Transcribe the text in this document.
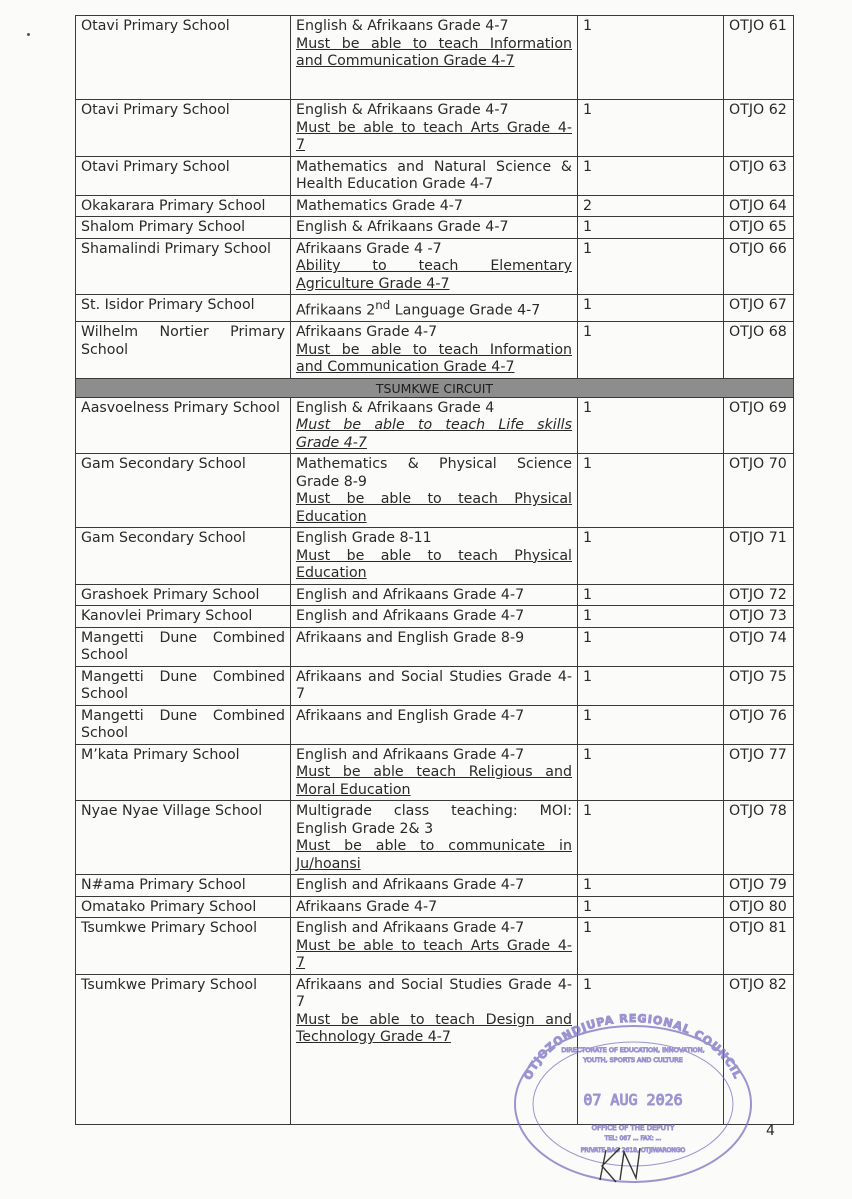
Otavi Primary School	English & Afrikaans Grade 4-7
Must be able to teach Information
and Communication Grade 4-7	1	OTJO 61
Otavi Primary School	English & Afrikaans Grade 4-7
Must be able to teach Arts Grade 4-
7	1	OTJO 62
Otavi Primary School	Mathematics and Natural Science &
Health Education Grade 4-7	1	OTJO 63
Okakarara Primary School	Mathematics Grade 4-7	2	OTJO 64
Shalom Primary School	English & Afrikaans Grade 4-7	1	OTJO 65
Shamalindi Primary School	Afrikaans Grade 4 -7
Ability to teach Elementary
Agriculture Grade 4-7	1	OTJO 66
St. Isidor Primary School	Afrikaans 2nd Language Grade 4-7	1	OTJO 67
Wilhelm Nortier Primary School	Afrikaans Grade 4-7
Must be able to teach Information
and Communication Grade 4-7	1	OTJO 68
TSUMKWE CIRCUIT			
Aasvoelness Primary School	English & Afrikaans Grade 4
Must be able to teach Life skills
Grade 4-7	1	OTJO 69
Gam Secondary School	Mathematics & Physical Science
Grade 8-9
Must be able to teach Physical
Education	1	OTJO 70
Gam Secondary School	English Grade 8-11
Must be able to teach Physical
Education	1	OTJO 71
Grashoek Primary School	English and Afrikaans Grade 4-7	1	OTJO 72
Kanovlei Primary School	English and Afrikaans Grade 4-7	1	OTJO 73
Mangetti Dune Combined School	Afrikaans and English Grade 8-9	1	OTJO 74
Mangetti Dune Combined School	Afrikaans and Social Studies Grade 4-
7	1	OTJO 75
Mangetti Dune Combined School	Afrikaans and English Grade 4-7	1	OTJO 76
M’kata Primary School	English and Afrikaans Grade 4-7
Must be able teach Religious and
Moral Education	1	OTJO 77
Nyae Nyae Village School	Multigrade class teaching: MOI:
English Grade 2& 3
Must be able to communicate in
Ju/hoansi	1	OTJO 78
N#ama Primary School	English and Afrikaans Grade 4-7	1	OTJO 79
Omatako Primary School	Afrikaans Grade 4-7	1	OTJO 80
Tsumkwe Primary School	English and Afrikaans Grade 4-7
Must be able to teach Arts Grade 4-
7	1	OTJO 81
Tsumkwe Primary School	Afrikaans and Social Studies Grade 4-
7
Must be able to teach Design and
Technology Grade 4-7	1	OTJO 82
OTJOZONDJUPA REGIONAL COUNCIL
DIRECTORATE OF EDUCATION, INNOVATION,
YOUTH, SPORTS AND CULTURE
07 AUG 2026
OFFICE OF THE DEPUTY
TEL: 067 ... FAX: ...
PRIVATE BAG 2618, OTJIWARONGO
4
